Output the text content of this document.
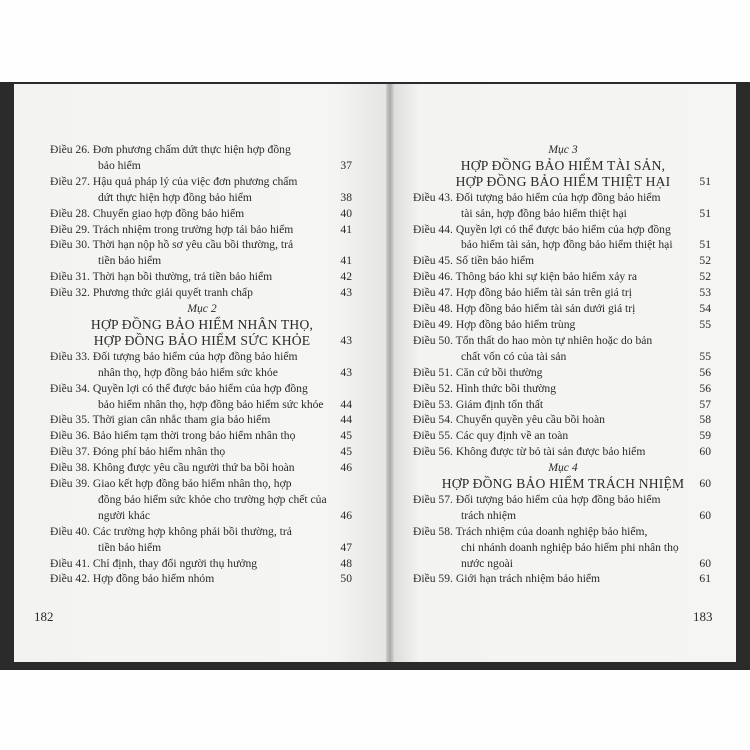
Điều 26. Đơn phương chấm dứt thực hiện hợp đồng
bảo hiểm	37
Điều 27. Hậu quả pháp lý của việc đơn phương chấm
dứt thực hiện hợp đồng bảo hiểm	38
Điều 28. Chuyển giao hợp đồng bảo hiểm	40
Điều 29. Trách nhiệm trong trường hợp tái bảo hiểm	41
Điều 30. Thời hạn nộp hồ sơ yêu cầu bồi thường, trả
tiền bảo hiểm	41
Điều 31. Thời hạn bồi thường, trả tiền bảo hiểm	42
Điều 32. Phương thức giải quyết tranh chấp	43
Mục 2
HỢP ĐỒNG BẢO HIỂM NHÂN THỌ,
HỢP ĐỒNG BẢO HIỂM SỨC KHỎE	43
Điều 33. Đối tượng bảo hiểm của hợp đồng bảo hiểm
nhân thọ, hợp đồng bảo hiểm sức khỏe	43
Điều 34. Quyền lợi có thể được bảo hiểm của hợp đồng
bảo hiểm nhân thọ, hợp đồng bảo hiểm sức khỏe	44
Điều 35. Thời gian cân nhắc tham gia bảo hiểm	44
Điều 36. Bảo hiểm tạm thời trong bảo hiểm nhân thọ	45
Điều 37. Đóng phí bảo hiểm nhân thọ	45
Điều 38. Không được yêu cầu người thứ ba bồi hoàn	46
Điều 39. Giao kết hợp đồng bảo hiểm nhân thọ, hợp
đồng bảo hiểm sức khỏe cho trường hợp chết của
người khác	46
Điều 40. Các trường hợp không phải bồi thường, trả
tiền bảo hiểm	47
Điều 41. Chỉ định, thay đổi người thụ hưởng	48
Điều 42. Hợp đồng bảo hiểm nhóm	50
Mục 3
HỢP ĐỒNG BẢO HIỂM TÀI SẢN,
HỢP ĐỒNG BẢO HIỂM THIỆT HẠI	51
Điều 43. Đối tượng bảo hiểm của hợp đồng bảo hiểm
tài sản, hợp đồng bảo hiểm thiệt hại	51
Điều 44. Quyền lợi có thể được bảo hiểm của hợp đồng
bảo hiểm tài sản, hợp đồng bảo hiểm thiệt hại	51
Điều 45. Số tiền bảo hiểm	52
Điều 46. Thông báo khi sự kiện bảo hiểm xảy ra	52
Điều 47. Hợp đồng bảo hiểm tài sản trên giá trị	53
Điều 48. Hợp đồng bảo hiểm tài sản dưới giá trị	54
Điều 49. Hợp đồng bảo hiểm trùng	55
Điều 50. Tổn thất do hao mòn tự nhiên hoặc do bản
chất vốn có của tài sản	55
Điều 51. Căn cứ bồi thường	56
Điều 52. Hình thức bồi thường	56
Điều 53. Giám định tổn thất	57
Điều 54. Chuyển quyền yêu cầu bồi hoàn	58
Điều 55. Các quy định về an toàn	59
Điều 56. Không được từ bỏ tài sản được bảo hiểm	60
Mục 4
HỢP ĐỒNG BẢO HIỂM TRÁCH NHIỆM	60
Điều 57. Đối tượng bảo hiểm của hợp đồng bảo hiểm
trách nhiệm	60
Điều 58. Trách nhiệm của doanh nghiệp bảo hiểm,
chi nhánh doanh nghiệp bảo hiểm phi nhân thọ
nước ngoài	60
Điều 59. Giới hạn trách nhiệm bảo hiểm	61
182	183
